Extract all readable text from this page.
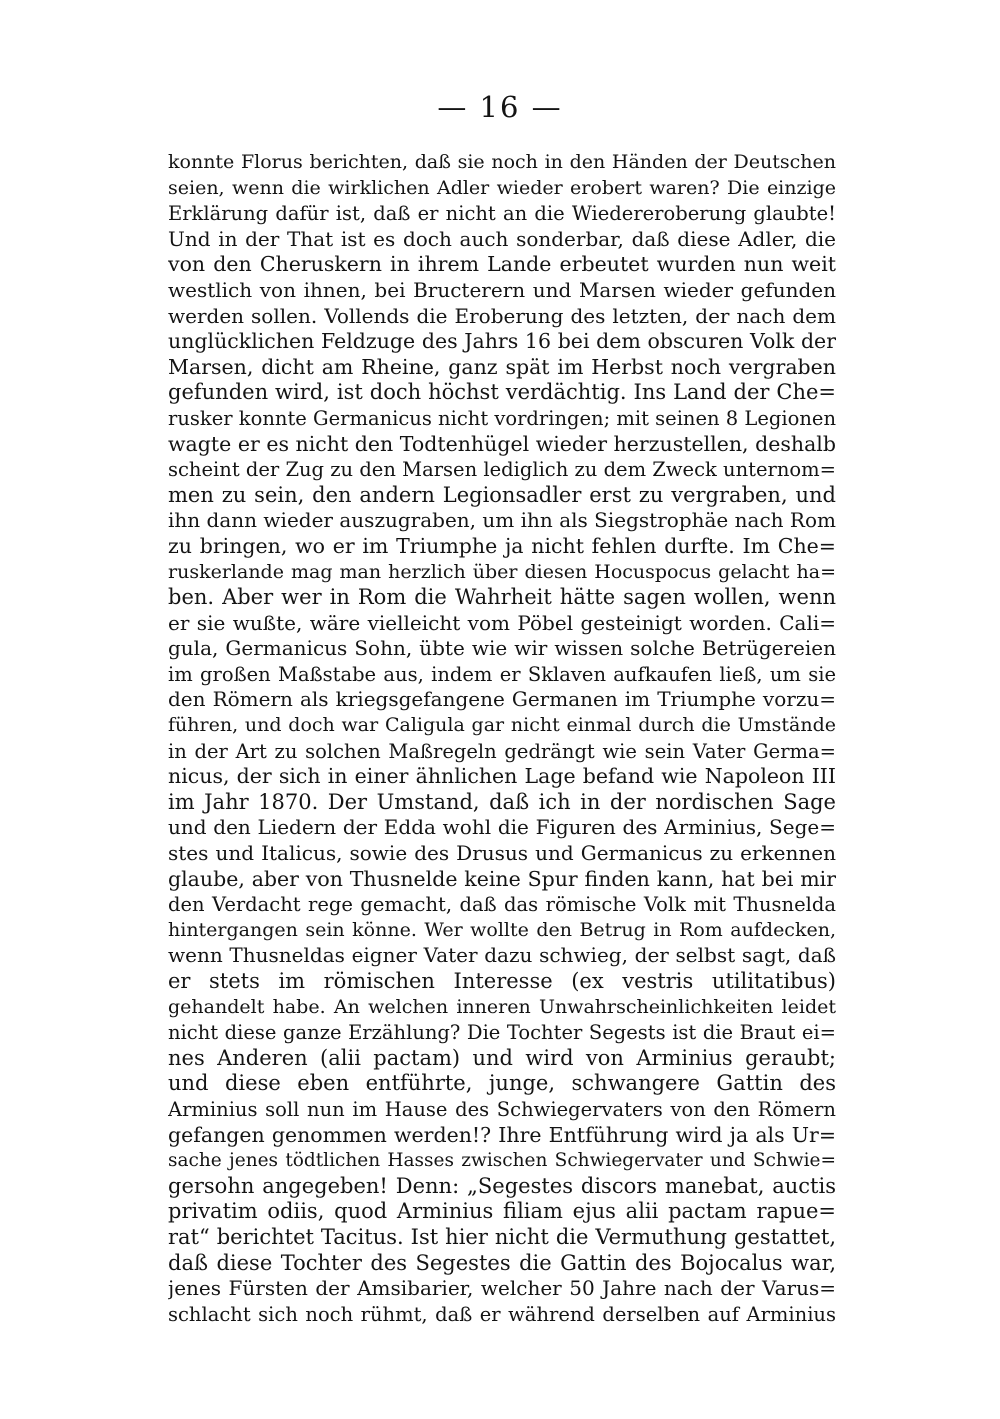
— 16 —
konnte Florus berichten, daß sie noch in den Händen der Deutschen
seien, wenn die wirklichen Adler wieder erobert waren? Die einzige
Erklärung dafür ist, daß er nicht an die Wiedereroberung glaubte!
Und in der That ist es doch auch sonderbar, daß diese Adler, die
von den Cheruskern in ihrem Lande erbeutet wurden nun weit
westlich von ihnen, bei Bructerern und Marsen wieder gefunden
werden sollen. Vollends die Eroberung des letzten, der nach dem
unglücklichen Feldzuge des Jahrs 16 bei dem obscuren Volk der
Marsen, dicht am Rheine, ganz spät im Herbst noch vergraben
gefunden wird, ist doch höchst verdächtig. Ins Land der Che=
rusker konnte Germanicus nicht vordringen; mit seinen 8 Legionen
wagte er es nicht den Todtenhügel wieder herzustellen, deshalb
scheint der Zug zu den Marsen lediglich zu dem Zweck unternom=
men zu sein, den andern Legionsadler erst zu vergraben, und
ihn dann wieder auszugraben, um ihn als Siegstrophäe nach Rom
zu bringen, wo er im Triumphe ja nicht fehlen durfte. Im Che=
ruskerlande mag man herzlich über diesen Hocuspocus gelacht ha=
ben. Aber wer in Rom die Wahrheit hätte sagen wollen, wenn
er sie wußte, wäre vielleicht vom Pöbel gesteinigt worden. Cali=
gula, Germanicus Sohn, übte wie wir wissen solche Betrügereien
im großen Maßstabe aus, indem er Sklaven aufkaufen ließ, um sie
den Römern als kriegsgefangene Germanen im Triumphe vorzu=
führen, und doch war Caligula gar nicht einmal durch die Umstände
in der Art zu solchen Maßregeln gedrängt wie sein Vater Germa=
nicus, der sich in einer ähnlichen Lage befand wie Napoleon III
im Jahr 1870. Der Umstand, daß ich in der nordischen Sage
und den Liedern der Edda wohl die Figuren des Arminius, Sege=
stes und Italicus, sowie des Drusus und Germanicus zu erkennen
glaube, aber von Thusnelde keine Spur finden kann, hat bei mir
den Verdacht rege gemacht, daß das römische Volk mit Thusnelda
hintergangen sein könne. Wer wollte den Betrug in Rom aufdecken,
wenn Thusneldas eigner Vater dazu schwieg, der selbst sagt, daß
er stets im römischen Interesse (ex vestris utilitatibus)
gehandelt habe. An welchen inneren Unwahrscheinlichkeiten leidet
nicht diese ganze Erzählung? Die Tochter Segests ist die Braut ei=
nes Anderen (alii pactam) und wird von Arminius geraubt;
und diese eben entführte, junge, schwangere Gattin des
Arminius soll nun im Hause des Schwiegervaters von den Römern
gefangen genommen werden!? Ihre Entführung wird ja als Ur=
sache jenes tödtlichen Hasses zwischen Schwiegervater und Schwie=
gersohn angegeben! Denn: „Segestes discors manebat, auctis
privatim odiis, quod Arminius filiam ejus alii pactam rapue=
rat“ berichtet Tacitus. Ist hier nicht die Vermuthung gestattet,
daß diese Tochter des Segestes die Gattin des Bojocalus war,
jenes Fürsten der Amsibarier, welcher 50 Jahre nach der Varus=
schlacht sich noch rühmt, daß er während derselben auf Arminius
